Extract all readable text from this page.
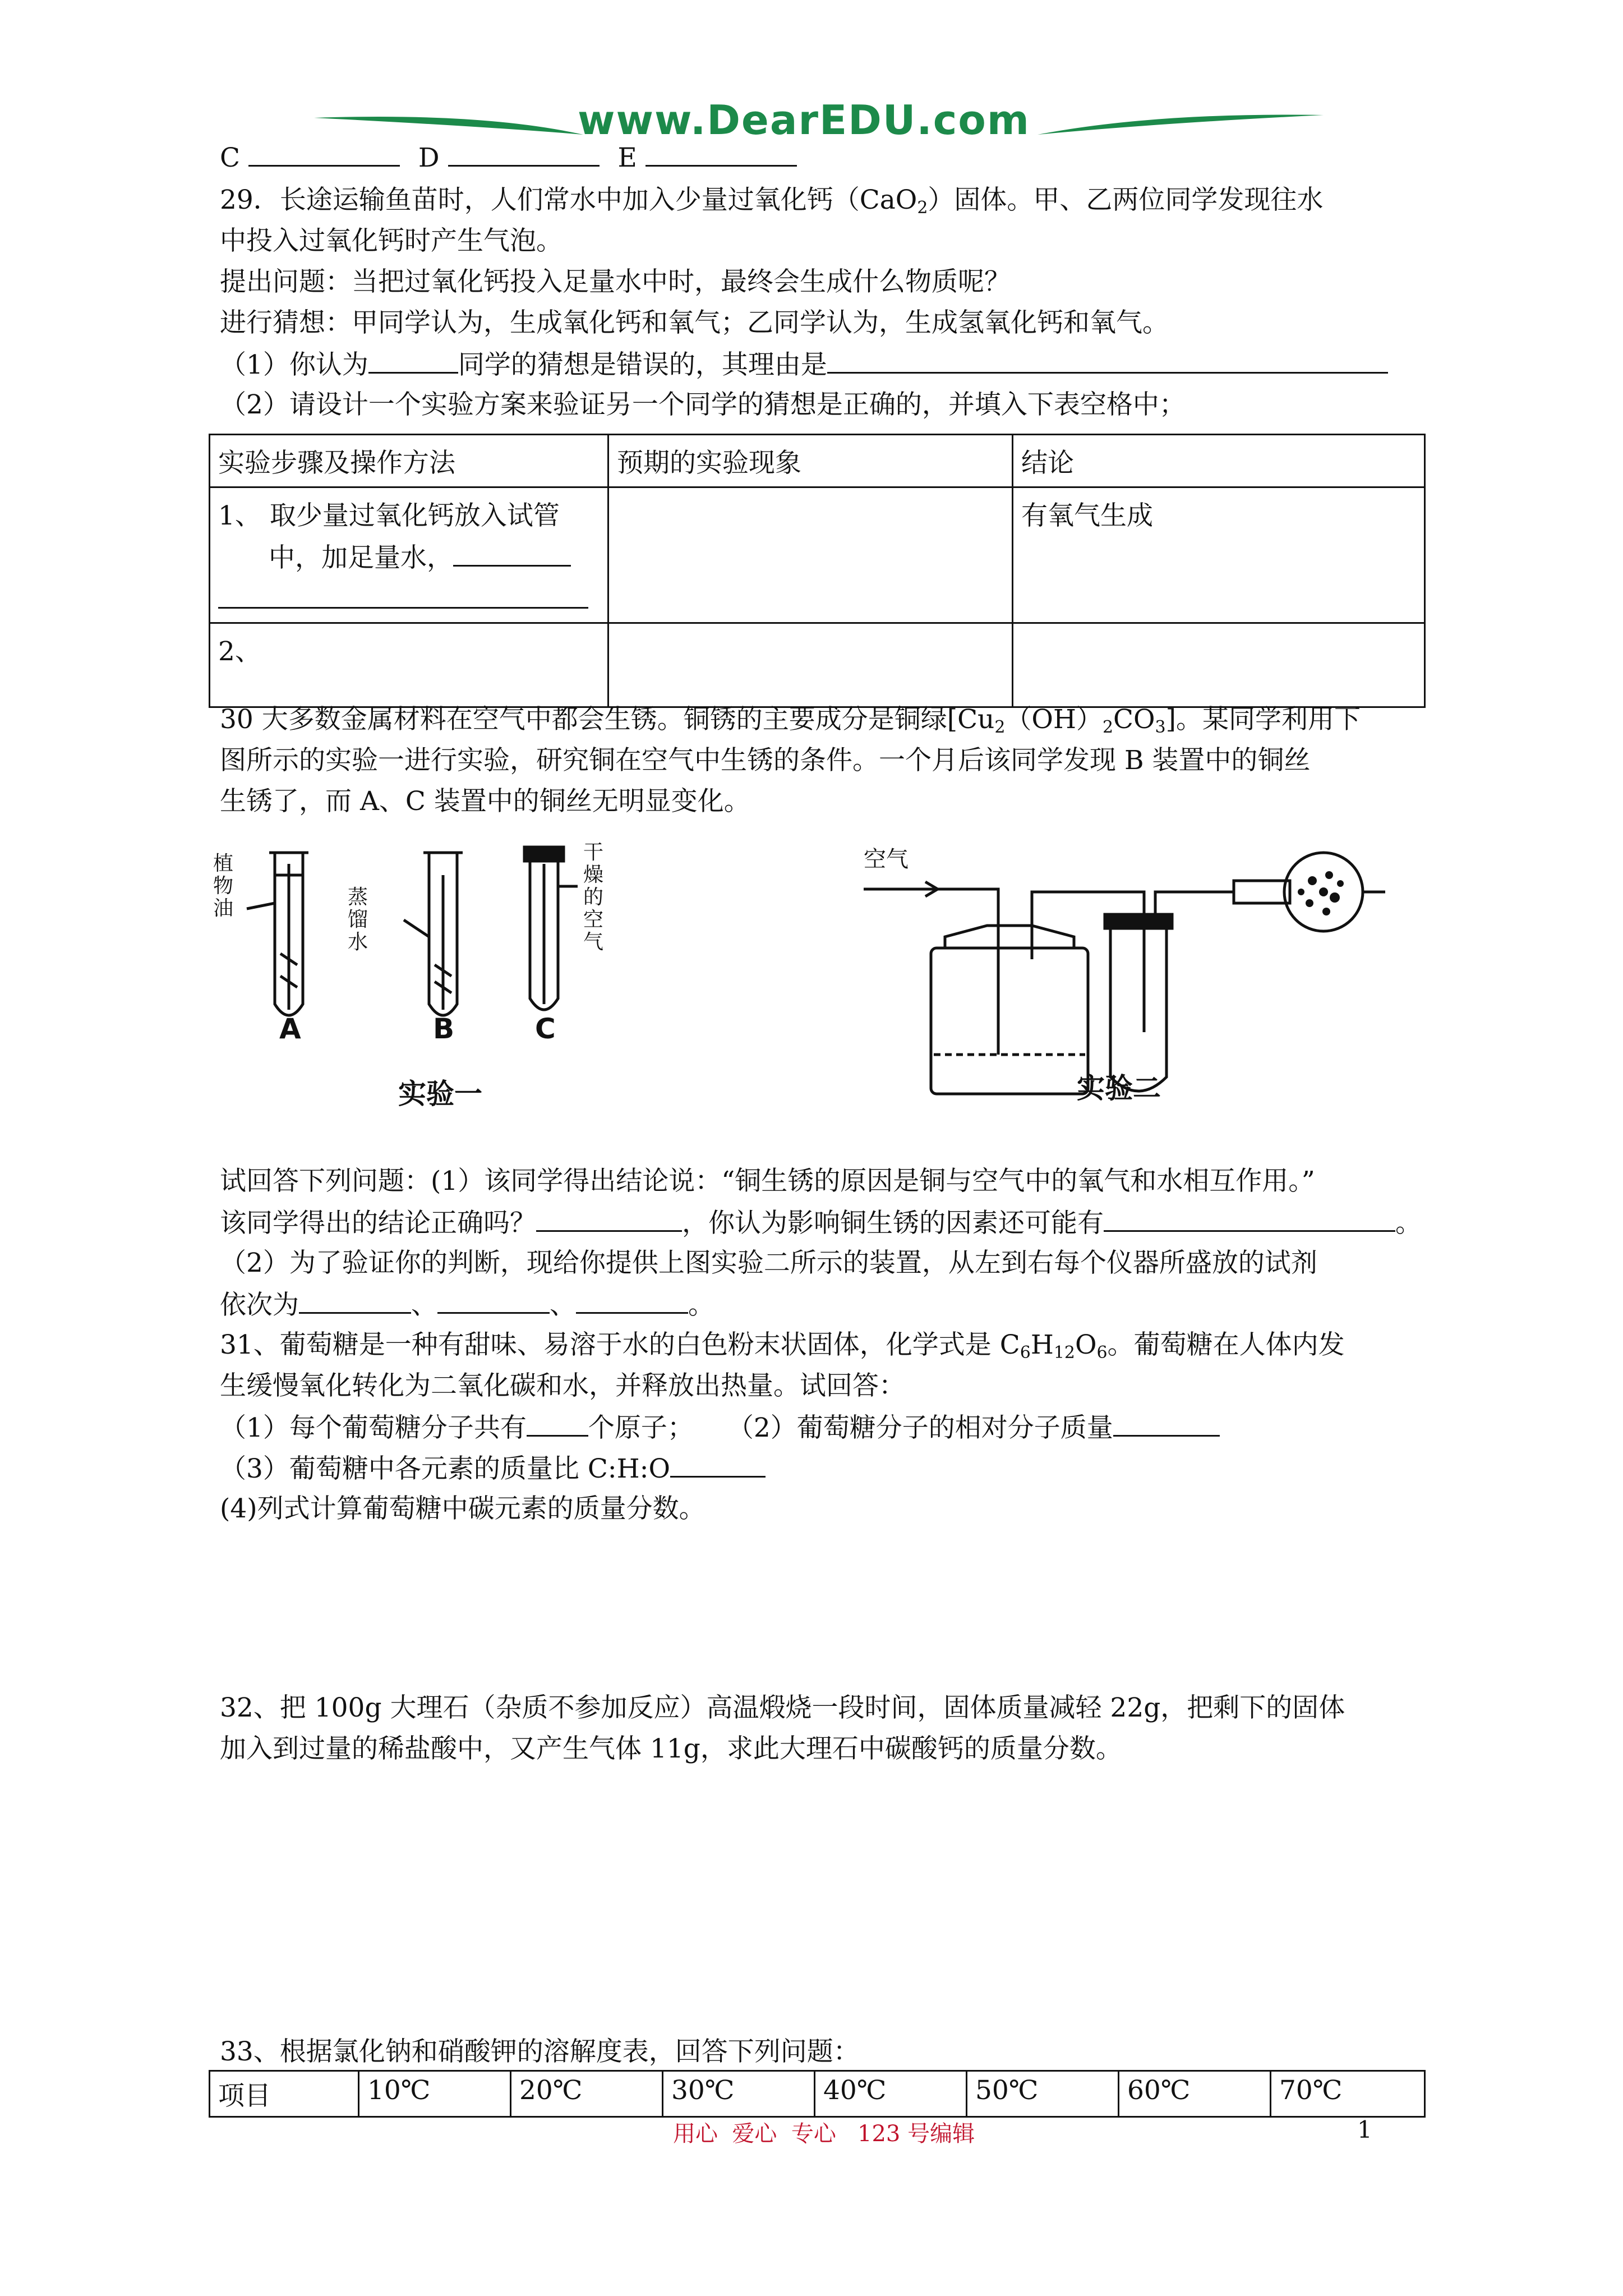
www.DearEDU.com
C	D	E
29．长途运输鱼苗时，人们常水中加入少量过氧化钙（CaO$_2$）固体。甲、乙两位同学发现往水
中投入过氧化钙时产生气泡。
提出问题：当把过氧化钙投入足量水中时，最终会生成什么物质呢？
进行猜想：甲同学认为，生成氧化钙和氧气；乙同学认为，生成氢氧化钙和氧气。
（1）你认为	同学的猜想是错误的，其理由是
（2）请设计一个实验方案来验证另一个同学的猜想是正确的，并填入下表空格中；
实验步骤及操作方法	预期的实验现象	结论

1、 取少量过氧化钙放入试管
中，加足量水，		有氧气生成
2、		
30 大多数金属材料在空气中都会生锈。铜锈的主要成分是铜绿$[Cu_2(OH)_2CO_3]$。某同学利用下
图所示的实验一进行实验，研究铜在空气中生锈的条件。一个月后该同学发现 B 装置中的铜丝
生锈了，而 A、C 装置中的铜丝无明显变化。
植
物
油	蒸
馏
水
干
燥
的
空
气
A	B	C
实验一
空气
实验二
试回答下列问题：(1）该同学得出结论说：“铜生锈的原因是铜与空气中的氧气和水相互作用。”
该同学得出的结论正确吗？	，你认为影响铜生锈的因素还可能有	。
（2）为了验证你的判断，现给你提供上图实验二所示的装置，从左到右每个仪器所盛放的试剂
依次为	、	、	。
31、葡萄糖是一种有甜味、易溶于水的白色粉末状固体，化学式是 $C_6H_{12}O_6$。葡萄糖在人体内发
生缓慢氧化转化为二氧化碳和水，并释放出热量。试回答：
（1）每个葡萄糖分子共有 个原子； （2）葡萄糖分子的相对分子质量
（3）葡萄糖中各元素的质量比 C:H:O
(4)列式计算葡萄糖中碳元素的质量分数。
32、把 100g 大理石（杂质不参加反应）高温煅烧一段时间，固体质量减轻 22g，把剩下的固体
加入到过量的稀盐酸中，又产生气体 11g，求此大理石中碳酸钙的质量分数。
33、根据氯化钠和硝酸钾的溶解度表，回答下列问题：
项目	10℃	20℃	30℃	40℃	50℃	60℃	70℃
用心  爱心  专心   123 号编辑	1
